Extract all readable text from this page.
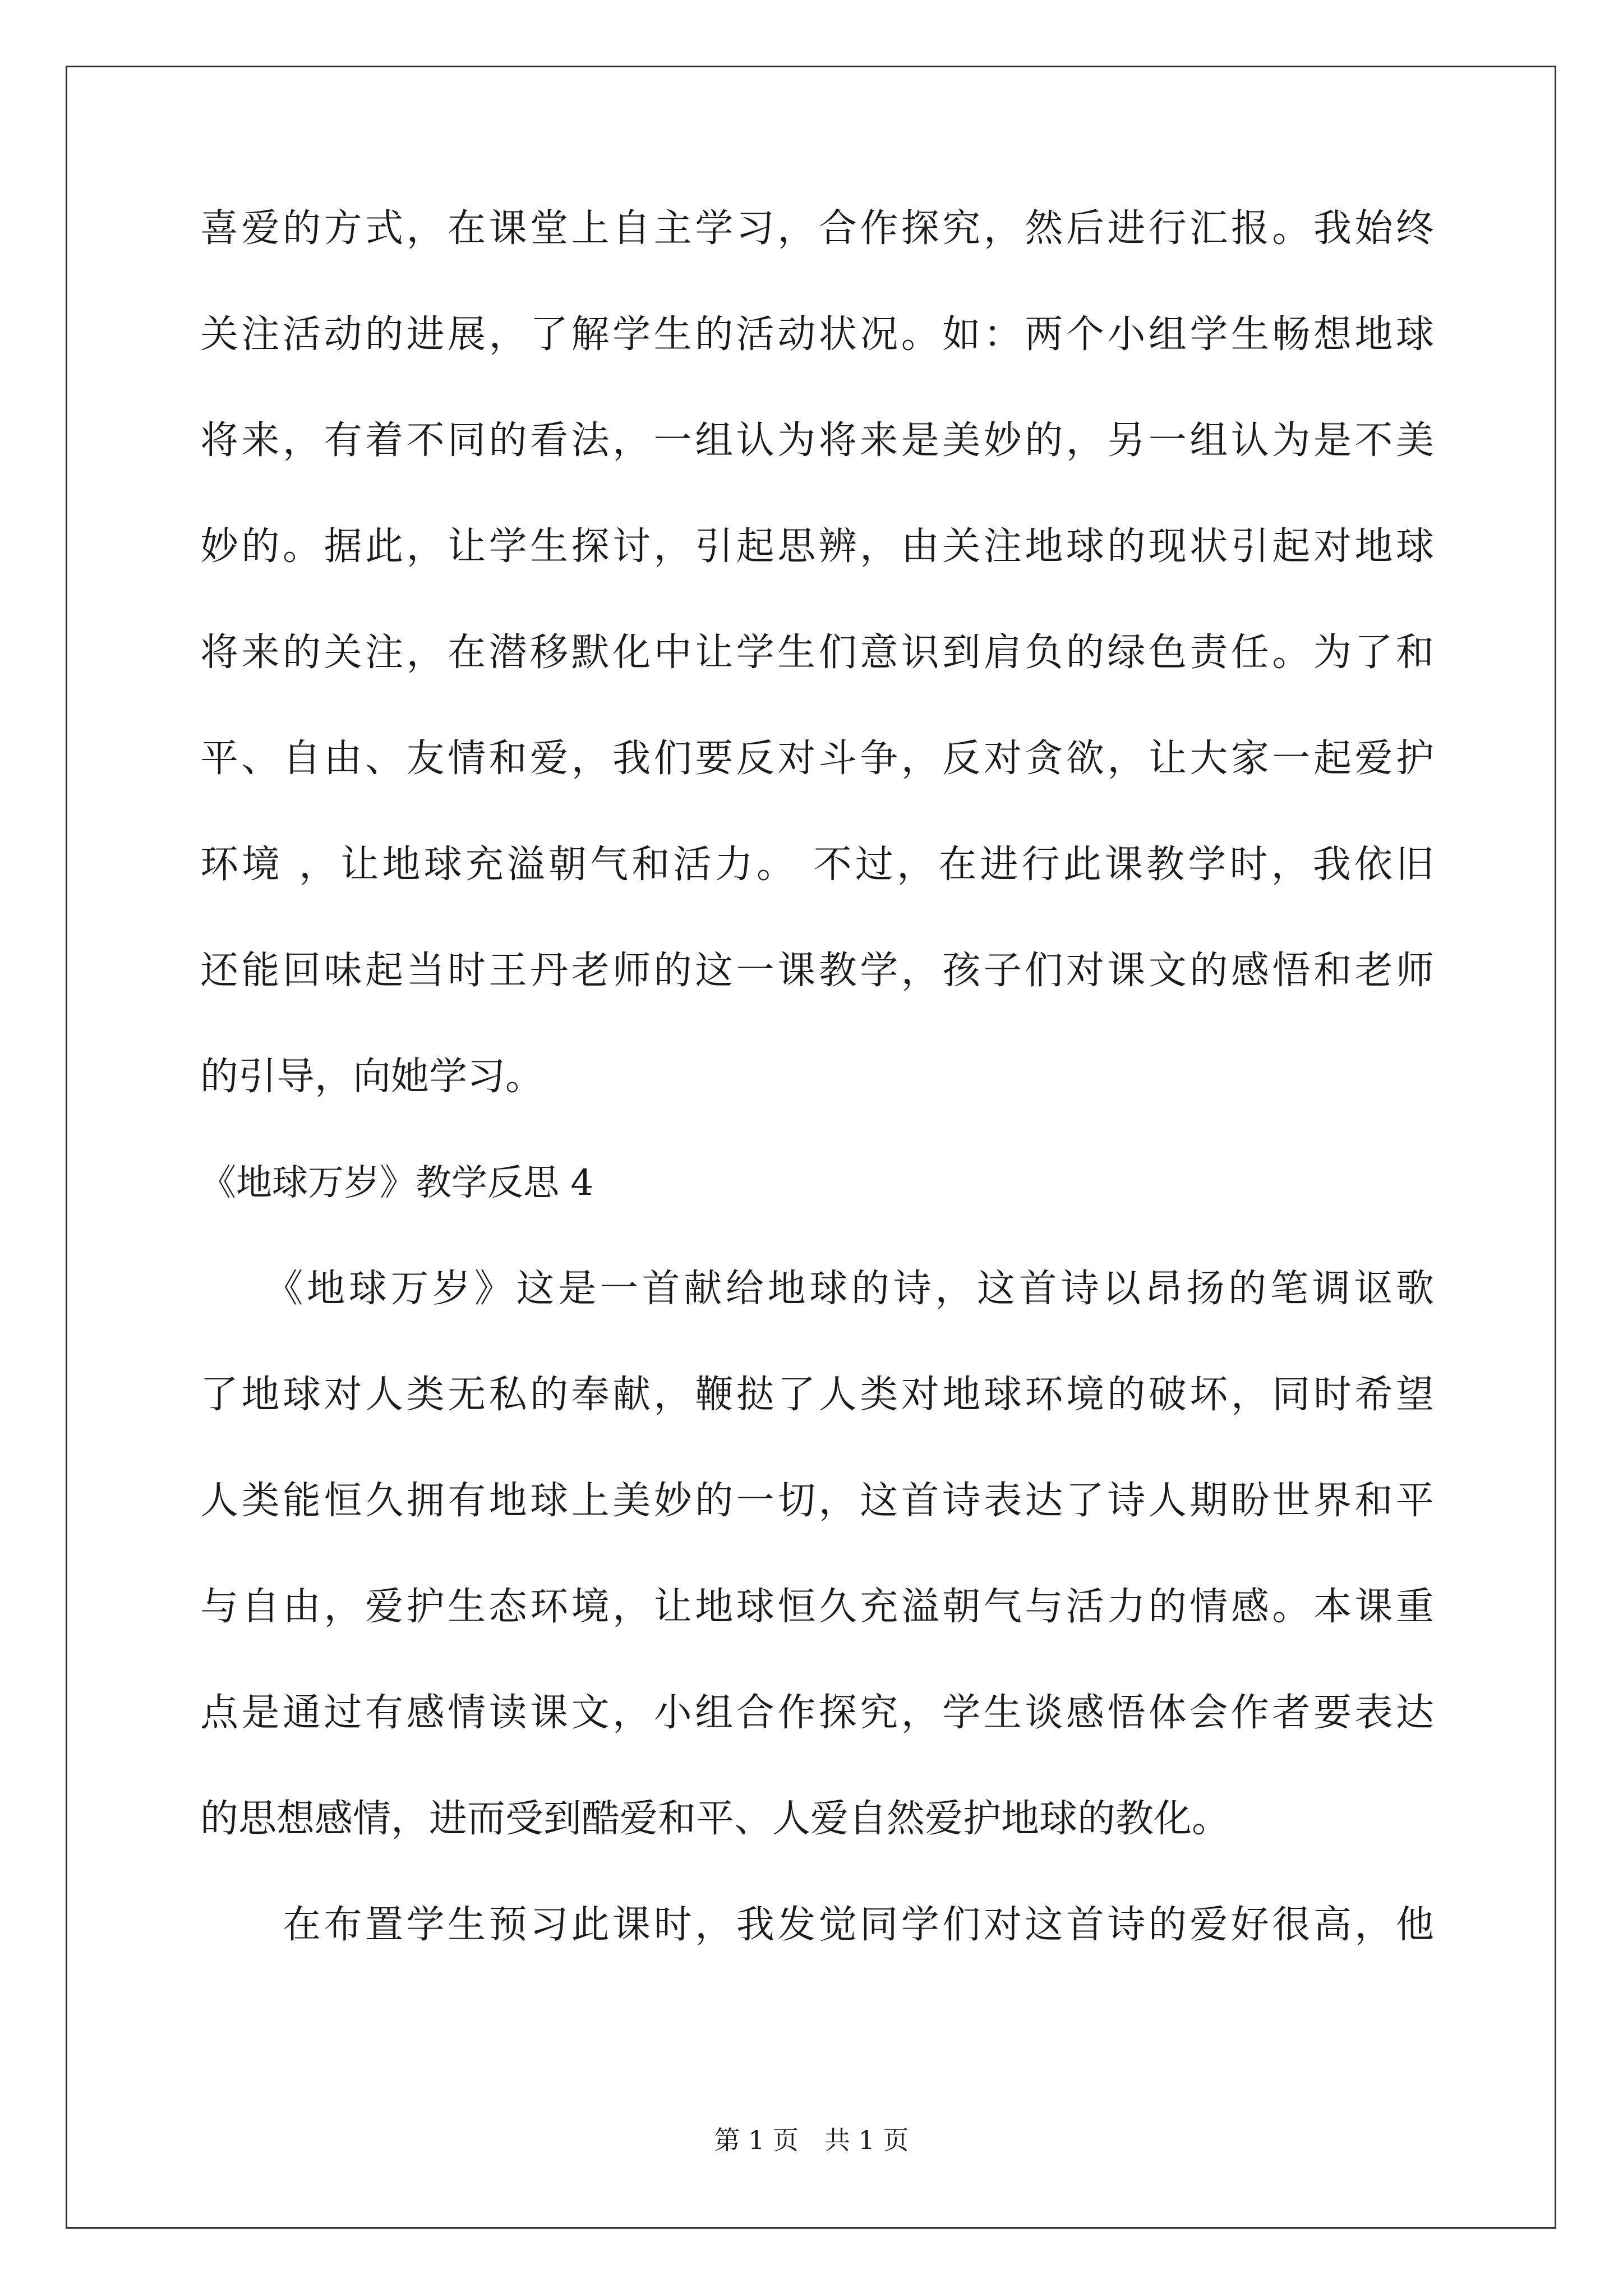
喜爱的方式，在课堂上自主学习，合作探究，然后进行汇报。我始终
关注活动的进展，了解学生的活动状况。如：两个小组学生畅想地球
将来，有着不同的看法，一组认为将来是美妙的，另一组认为是不美
妙的。据此，让学生探讨，引起思辨，由关注地球的现状引起对地球
将来的关注，在潜移默化中让学生们意识到肩负的绿色责任。为了和
平、自由、友情和爱，我们要反对斗争，反对贪欲，让大家一起爱护
环境 ，让地球充溢朝气和活力。 不过，在进行此课教学时，我依旧
还能回味起当时王丹老师的这一课教学，孩子们对课文的感悟和老师
的引导，向她学习。
《地球万岁》教学反思 4
　　《地球万岁》这是一首献给地球的诗，这首诗以昂扬的笔调讴歌
了地球对人类无私的奉献，鞭挞了人类对地球环境的破坏，同时希望
人类能恒久拥有地球上美妙的一切，这首诗表达了诗人期盼世界和平
与自由，爱护生态环境，让地球恒久充溢朝气与活力的情感。本课重
点是通过有感情读课文，小组合作探究，学生谈感悟体会作者要表达
的思想感情，进而受到酷爱和平、人爱自然爱护地球的教化。
　　在布置学生预习此课时，我发觉同学们对这首诗的爱好很高，他
第 1 页　共 1 页
